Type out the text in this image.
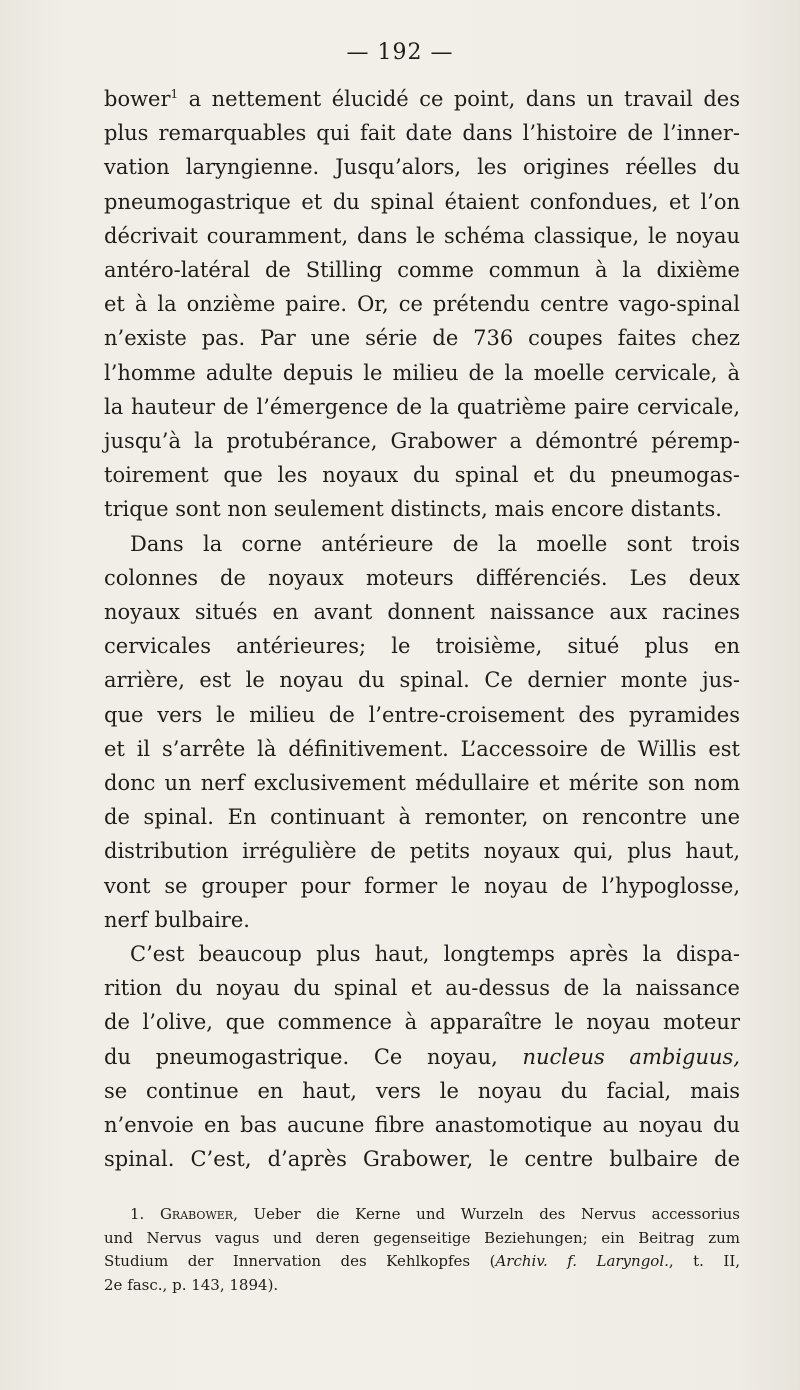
— 192 —
bower$^1$ a nettement élucidé ce point, dans un travail des
plus remarquables qui fait date dans l’histoire de l’inner-
vation laryngienne. Jusqu’alors, les origines réelles du
pneumogastrique et du spinal étaient confondues, et l’on
décrivait couramment, dans le schéma classique, le noyau
antéro-latéral de Stilling comme commun à la dixième
et à la onzième paire. Or, ce prétendu centre vago-spinal
n’existe pas. Par une série de 736 coupes faites chez
l’homme adulte depuis le milieu de la moelle cervicale, à
la hauteur de l’émergence de la quatrième paire cervicale,
jusqu’à la protubérance, Grabower a démontré péremp-
toirement que les noyaux du spinal et du pneumogas-
trique sont non seulement distincts, mais encore distants.
Dans la corne antérieure de la moelle sont trois
colonnes de noyaux moteurs différenciés. Les deux
noyaux situés en avant donnent naissance aux racines
cervicales antérieures; le troisième, situé plus en
arrière, est le noyau du spinal. Ce dernier monte jus-
que vers le milieu de l’entre-croisement des pyramides
et il s’arrête là définitivement. L’accessoire de Willis est
donc un nerf exclusivement médullaire et mérite son nom
de spinal. En continuant à remonter, on rencontre une
distribution irrégulière de petits noyaux qui, plus haut,
vont se grouper pour former le noyau de l’hypoglosse,
nerf bulbaire.
C’est beaucoup plus haut, longtemps après la dispa-
rition du noyau du spinal et au-dessus de la naissance
de l’olive, que commence à apparaître le noyau moteur
du pneumogastrique. Ce noyau, nucleus ambiguus,
se continue en haut, vers le noyau du facial, mais
n’envoie en bas aucune fibre anastomotique au noyau du
spinal. C’est, d’après Grabower, le centre bulbaire de
1. Grabower, Ueber die Kerne und Wurzeln des Nervus accessorius
und Nervus vagus und deren gegenseitige Beziehungen; ein Beitrag zum
Studium der Innervation des Kehlkopfes (Archiv. f. Laryngol., t. II,
2e fasc., p. 143, 1894).
